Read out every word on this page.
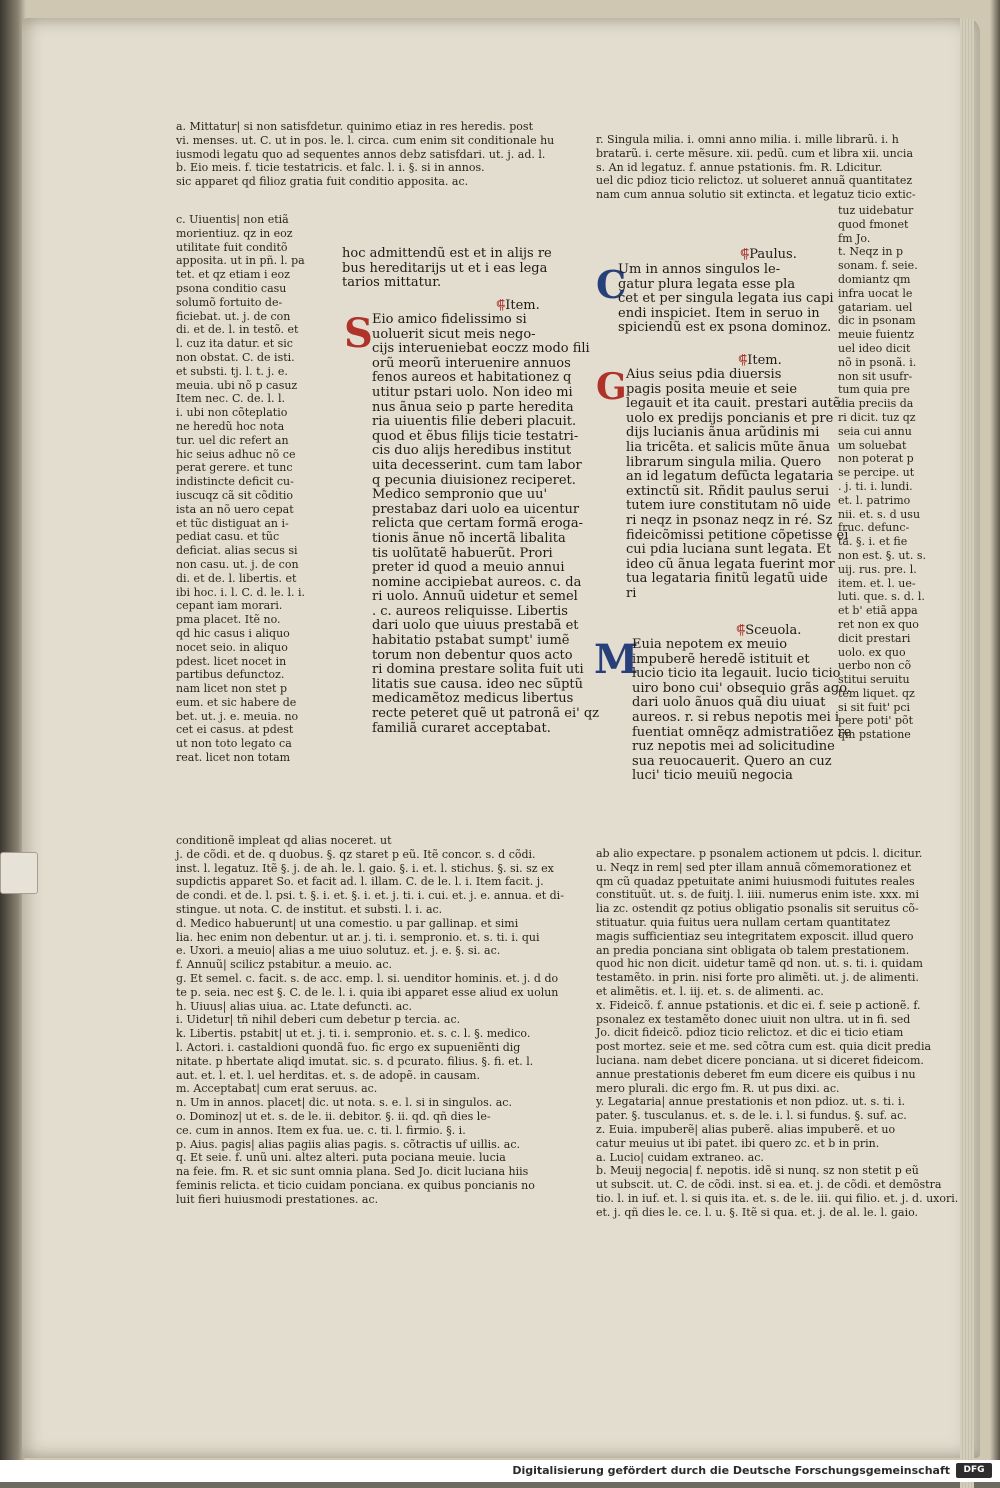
a. Mittatur| si non satisfdetur. quinimo etiaz in res heredis. post
vi. menses. ut. C. ut in pos. le. l. circa. cum enim sit conditionale hu
iusmodi legatu quo ad sequentes annos debz satisfdari. ut. j. ad. l.
b. Eio meis. f. ticie testatricis. et falc. l. i. §. si in annos.
sic apparet qd filioz gratia fuit conditio apposita. ac.
c. Uiuentis| non etiã
morientiuz. qz in eoz
utilitate fuit conditõ
apposita. ut in pñ. l. pa
tet. et qz etiam i eoz
psona conditio casu
solumõ fortuito de-
ficiebat. ut. j. de con
di. et de. l. in testõ. et
l. cuz ita datur. et sic
non obstat. C. de isti.
et substi. tj. l. t. j. e.
meuia. ubi nõ p casuz
Item nec. C. de. l. l.
i. ubi non cõteplatio
ne heredũ hoc nota
tur. uel dic refert an
hic seius adhuc nõ ce
perat gerere. et tunc
indistincte deficit cu-
iuscuqz cã sit cõditio
ista an nõ uero cepat
et tũc distiguat an i-
pediat casu. et tũc
deficiat. alias secus si
non casu. ut. j. de con
di. et de. l. libertis. et
ibi hoc. i. l. C. d. le. l. i.
cepant iam morari.
pma placet. Itẽ no.
qd hic casus i aliquo
nocet seio. in aliquo
pdest. licet nocet in
partibus defunctoz.
nam licet non stet p
eum. et sic habere de
bet. ut. j. e. meuia. no
cet ei casus. at pdest
ut non toto legato ca
reat. licet non totam
conditionẽ impleat qd alias noceret. ut
j. de cõdi. et de. q duobus. §. qz staret p eũ. Itẽ concor. s. d cõdi.
inst. l. legatuz. Itẽ §. j. de ah. le. l. gaio. §. i. et. l. stichus. §. si. sz ex
supdictis apparet So. et facit ad. l. illam. C. de le. l. i. Item facit. j.
de condi. et de. l. psi. t. §. i. et. §. i. et. j. ti. i. cui. et. j. e. annua. et di-
stingue. ut nota. C. de institut. et substi. l. i. ac.
d. Medico habuerunt| ut una comestio. u par gallinap. et simi
lia. hec enim non debentur. ut ar. j. ti. i. sempronio. et. s. ti. i. qui
e. Uxori. a meuio| alias a me uiuo solutuz. et. j. e. §. si. ac.
f. Annuũ| scilicz pstabitur. a meuio. ac.
g. Et semel. c. facit. s. de acc. emp. l. si. uenditor hominis. et. j. d do
te p. seia. nec est §. C. de le. l. i. quia ibi apparet esse aliud ex uolun
h. Uiuus| alias uiua. ac. Ltate defuncti. ac.
i. Uidetur| tñ nihil deberi cum debetur p tercia. ac.
k. Libertis. pstabit| ut et. j. ti. i. sempronio. et. s. c. l. §. medico.
l. Actori. i. castaldioni quondã fuo. fic ergo ex supueniẽnti dig
nitate. p hbertate aliqd imutat. sic. s. d pcurato. filius. §. fi. et. l.
aut. et. l. et. l. uel herditas. et. s. de adopẽ. in causam.
m. Acceptabat| cum erat seruus. ac.
n. Um in annos. placet| dic. ut nota. s. e. l. si in singulos. ac.
o. Dominoz| ut et. s. de le. ii. debitor. §. ii. qd. qñ dies le-
ce. cum in annos. Item ex fua. ue. c. ti. l. firmio. §. i.
p. Aius. pagis| alias pagiis alias pagis. s. cõtractis uf uillis. ac.
q. Et seie. f. unũ uni. altez alteri. puta pociana meuie. lucia
na feie. fm. R. et sic sunt omnia plana. Sed Jo. dicit luciana hiis
feminis relicta. et ticio cuidam ponciana. ex quibus poncianis no
luit fieri huiusmodi prestationes. ac.
hoc admittendũ est et in alijs re
bus hereditarijs ut et i eas lega
tarios mittatur.
⸿Item.
S Eio amico fidelissimo si
uoluerit sicut meis nego-
cijs interueniebat eoczz modo fili
orũ meorũ interuenire annuos
fenos aureos et habitationez q
utitur pstari uolo. Non ideo mi
nus ãnua seio p parte heredita
ria uiuentis filie deberi placuit.
quod et ẽbus filijs ticie testatri-
cis duo alijs heredibus institut
uita decesserint. cum tam labor
q pecunia diuisionez reciperet.
Medico sempronio que uu'
prestabaz dari uolo ea uicentur
relicta que certam formã eroga-
tionis ãnue nõ incertã libalita
tis uolũtatẽ habuerũt. Prori
preter id quod a meuio annui
nomine accipiebat aureos. c. da
ri uolo. Annuũ uidetur et semel
. c. aureos reliquisse. Libertis
dari uolo que uiuus prestabã et
habitatio pstabat sumpt' iumẽ
torum non debentur quos acto
ri domina prestare solita fuit uti
litatis sue causa. ideo nec sũptũ
medicamẽtoz medicus libertus
recte peteret quẽ ut patronã ei' qz
familiã curaret acceptabat.
r. Singula milia. i. omni anno milia. i. mille librarũ. i. h
bratarũ. i. certe mẽsure. xii. pedũ. cum et libra xii. uncia
s. An id legatuz. f. annue pstationis. fm. R. Ldicitur.
uel dic pdioz ticio relictoz. ut solueret annuã quantitatez
nam cum annua solutio sit extincta. et legatuz ticio extic-
tuz uidebatur
quod fmonet
fm Jo.
t. Neqz in p
sonam. f. seie.
domiantz qm
infra uocat le
gatariam. uel
dic in psonam
meuie fuientz
uel ideo dicit
nõ in psonã. i.
non sit usufr-
tum quia pre
dia preciis da
ri dicit. tuz qz
seia cui annu
um soluebat
non poterat p
se percipe. ut
. j. ti. i. lundi.
et. l. patrimo
nii. et. s. d usu
fruc. defunc-
ta. §. i. et fie
non est. §. ut. s.
uij. rus. pre. l.
item. et. l. ue-
luti. que. s. d. l.
et b' etiã appa
ret non ex quo
dicit prestari
uolo. ex quo
uerbo non cõ
stitui seruitu
tem liquet. qz
si sit fuit' pci
pere poti' põt
qm pstatione
⸿Paulus.
C
Um in annos singulos le-
gatur plura legata esse pla
cet et per singula legata ius capi
endi inspiciet. Item in seruo in
spiciendũ est ex psona dominoz.
⸿Item.
G Aius seius pdia diuersis
pagis posita meuie et seie
legauit et ita cauit. prestari autẽ
uolo ex predijs poncianis et pre
dijs lucianis ãnua arũdinis mi
lia tricẽta. et salicis mũte ãnua
librarum singula milia. Quero
an id legatum defũcta legataria
extinctũ sit. Rñdit paulus serui
tutem iure constitutam nõ uide
ri neqz in psonaz neqz in ré. Sz
fideicõmissi petitione cõpetisse ei
cui pdia luciana sunt legata. Et
ideo cũ ãnua legata fuerint mor
tua legataria finitũ legatũ uide
ri
⸿Sceuola.
M
Euia nepotem ex meuio
impuberẽ heredẽ istituit et
lucio ticio ita legauit. lucio ticio
uiro bono cui' obsequio grãs ago.
dari uolo ãnuos quã diu uiuat
aureos. r. si rebus nepotis mei i
fuentiat omnẽqz admistratiõez re
ruz nepotis mei ad solicitudine
sua reuocauerit. Quero an cuz
luci' ticio meuiũ negocia
ab alio expectare. p psonalem actionem ut pdcis. l. dicitur.
u. Neqz in rem| sed pter illam annuã cõmemorationez et
qm cũ quadaz ppetuitate animi huiusmodi fuitutes reales
constituũt. ut. s. de fuitj. l. iiii. numerus enim iste. xxx. mi
lia zc. ostendit qz potius obligatio psonalis sit seruitus cõ-
stituatur. quia fuitus uera nullam certam quantitatez
magis sufficientiaz seu integritatem exposcit. illud quero
an predia ponciana sint obligata ob talem prestationem.
quod hic non dicit. uidetur tamẽ qd non. ut. s. ti. i. quidam
testamẽto. in prin. nisi forte pro alimẽti. ut. j. de alimenti.
et alimẽtis. et. l. iij. et. s. de alimenti. ac.
x. Fideicõ. f. annue pstationis. et dic ei. f. seie p actionẽ. f.
psonalez ex testamẽto donec uiuit non ultra. ut in fi. sed
Jo. dicit fideicõ. pdioz ticio relictoz. et dic ei ticio etiam
post mortez. seie et me. sed cõtra cum est. quia dicit predia
luciana. nam debet dicere ponciana. ut si diceret fideicom.
annue prestationis deberet fm eum dicere eis quibus i nu
mero plurali. dic ergo fm. R. ut pus dixi. ac.
y. Legataria| annue prestationis et non pdioz. ut. s. ti. i.
pater. §. tusculanus. et. s. de le. i. l. si fundus. §. suf. ac.
z. Euia. impuberẽ| alias puberẽ. alias impuberẽ. et uo
catur meuius ut ibi patet. ibi quero zc. et b in prin.
a. Lucio| cuidam extraneo. ac.
b. Meuij negocia| f. nepotis. idẽ si nunq. sz non stetit p eũ
ut subscit. ut. C. de cõdi. inst. si ea. et. j. de cõdi. et demõstra
tio. l. in iuf. et. l. si quis ita. et. s. de le. iii. qui filio. et. j. d. uxori.
et. j. qñ dies le. ce. l. u. §. Itẽ si qua. et. j. de al. le. l. gaio.
Digitalisierung gefördert durch die Deutsche Forschungsgemeinschaft	DFG
